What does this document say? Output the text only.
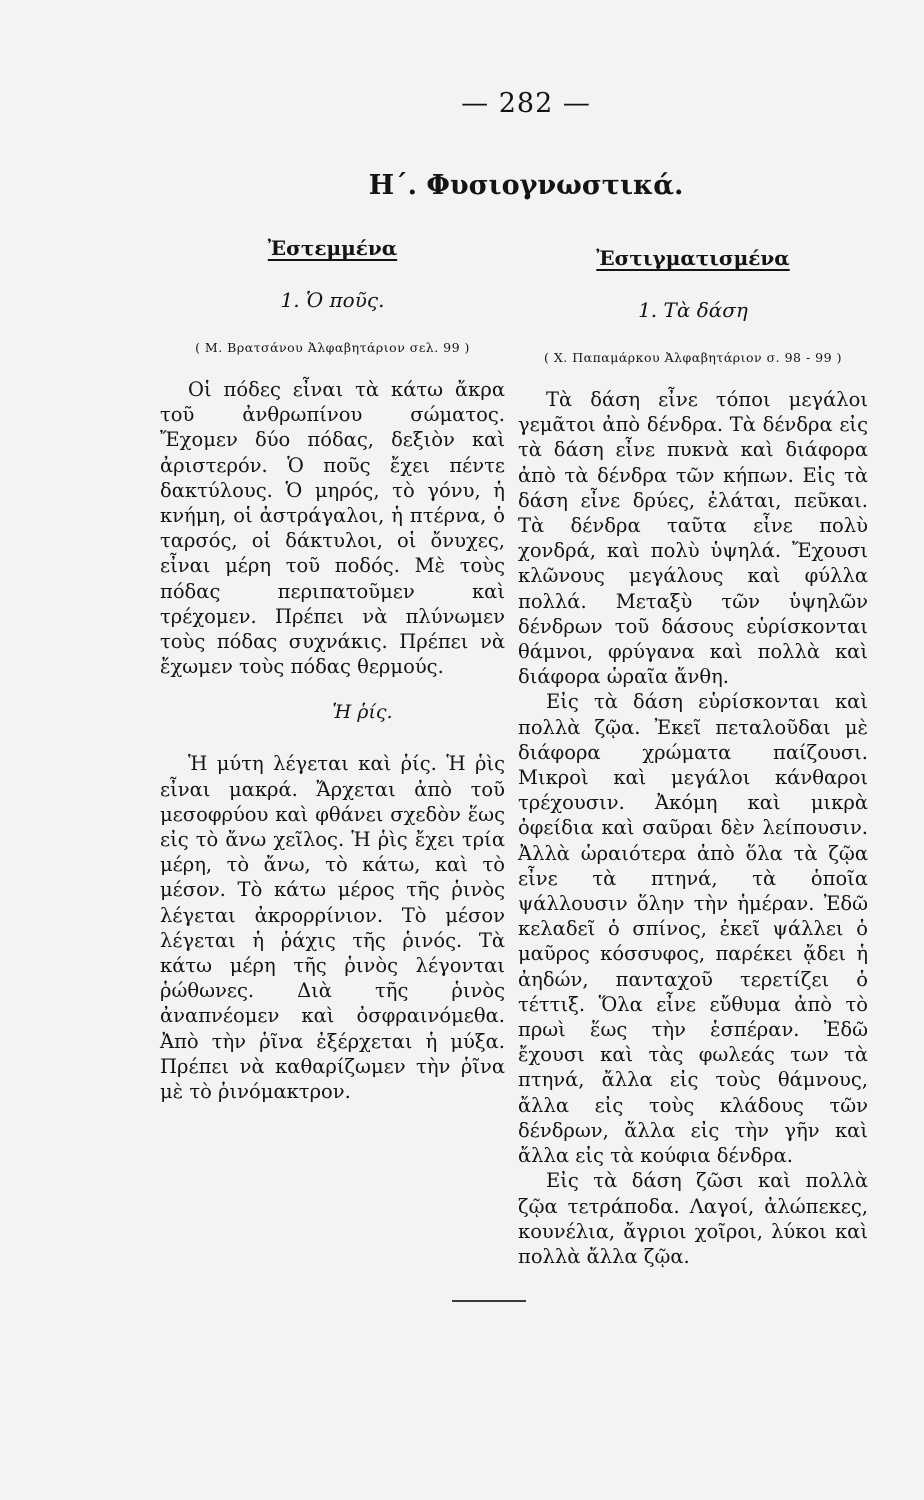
— 282 —
Η΄. Φυσιογνωστικά.
Ἐστεμμένα
1. Ὁ ποῦς.
( Μ. Βρατσάνου Ἀλφαβητάριον σελ. 99 )

Οἱ πόδες εἶναι τὰ κάτω ἄκρα τοῦ ἀνθρωπίνου σώματος. Ἔχομεν δύο πόδας, δεξιὸν καὶ ἀριστερόν. Ὁ ποῦς ἔχει πέντε δακτύλους. Ὁ μηρός, τὸ γόνυ, ἡ κνήμη, οἱ ἀστράγαλοι, ἡ πτέρνα, ὁ ταρσός, οἱ δάκτυλοι, οἱ ὄνυχες, εἶναι μέρη τοῦ ποδός. Μὲ τοὺς πόδας περιπατοῦμεν καὶ τρέχομεν. Πρέπει νὰ πλύνωμεν τοὺς πόδας συχνάκις. Πρέπει νὰ ἔχωμεν τοὺς πόδας θερμούς.

Ἡ ῥίς.

Ἡ μύτη λέγεται καὶ ῥίς. Ἡ ῥὶς εἶναι μακρά. Ἄρχεται ἀπὸ τοῦ μεσοφρύου καὶ φθάνει σχεδὸν ἕως εἰς τὸ ἄνω χεῖλος. Ἡ ῥὶς ἔχει τρία μέρη, τὸ ἄνω, τὸ κάτω, καὶ τὸ μέσον. Τὸ κάτω μέρος τῆς ῥινὸς λέγεται ἀκρορρίνιον. Τὸ μέσον λέγεται ἡ ῥάχις τῆς ῥινός. Τὰ κάτω μέρη τῆς ῥινὸς λέγονται ῥώθωνες. Διὰ τῆς ῥινὸς ἀναπνέομεν καὶ ὀσφραινόμεθα. Ἀπὸ τὴν ῥῖνα ἐξέρχεται ἡ μύξα. Πρέπει νὰ καθαρίζωμεν τὴν ῥῖνα μὲ τὸ ῥινόμακτρον.

Ἐστιγματισμένα
1. Τὰ δάση
( Χ. Παπαμάρκου Ἀλφαβητάριον σ. 98 - 99 )

Τὰ δάση εἶνε τόποι μεγάλοι γεμᾶτοι ἀπὸ δένδρα. Τὰ δένδρα εἰς τὰ δάση εἶνε πυκνὰ καὶ διάφορα ἀπὸ τὰ δένδρα τῶν κήπων. Εἰς τὰ δάση εἶνε δρύες, ἐλάται, πεῦκαι. Τὰ δένδρα ταῦτα εἶνε πολὺ χονδρά, καὶ πολὺ ὑψηλά. Ἔχουσι κλῶνους μεγάλους καὶ φύλλα πολλά. Μεταξὺ τῶν ὑψηλῶν δένδρων τοῦ δάσους εὑρίσκονται θάμνοι, φρύγανα καὶ πολλὰ καὶ διάφορα ὡραῖα ἄνθη.

Εἰς τὰ δάση εὑρίσκονται καὶ πολλὰ ζῷα. Ἐκεῖ πεταλοῦδαι μὲ διάφορα χρώματα παίζουσι. Μικροὶ καὶ μεγάλοι κάνθαροι τρέχουσιν. Ἀκόμη καὶ μικρὰ ὀφείδια καὶ σαῦραι δὲν λείπουσιν. Ἀλλὰ ὡραιότερα ἀπὸ ὅλα τὰ ζῷα εἶνε τὰ πτηνά, τὰ ὁποῖα ψάλλουσιν ὅλην τὴν ἡμέραν. Ἐδῶ κελαδεῖ ὁ σπίνος, ἐκεῖ ψάλλει ὁ μαῦρος κόσσυφος, παρέκει ᾄδει ἡ ἀηδών, πανταχοῦ τερετίζει ὁ τέττιξ. Ὅλα εἶνε εὔθυμα ἀπὸ τὸ πρωὶ ἕως τὴν ἑσπέραν. Ἐδῶ ἔχουσι καὶ τὰς φωλεάς των τὰ πτηνά, ἄλλα εἰς τοὺς θάμνους, ἄλλα εἰς τοὺς κλάδους τῶν δένδρων, ἄλλα εἰς τὴν γῆν καὶ ἄλλα εἰς τὰ κούφια δένδρα.

Εἰς τὰ δάση ζῶσι καὶ πολλὰ ζῷα τετράποδα. Λαγοί, ἀλώπεκες, κουνέλια, ἄγριοι χοῖροι, λύκοι καὶ πολλὰ ἄλλα ζῷα.
